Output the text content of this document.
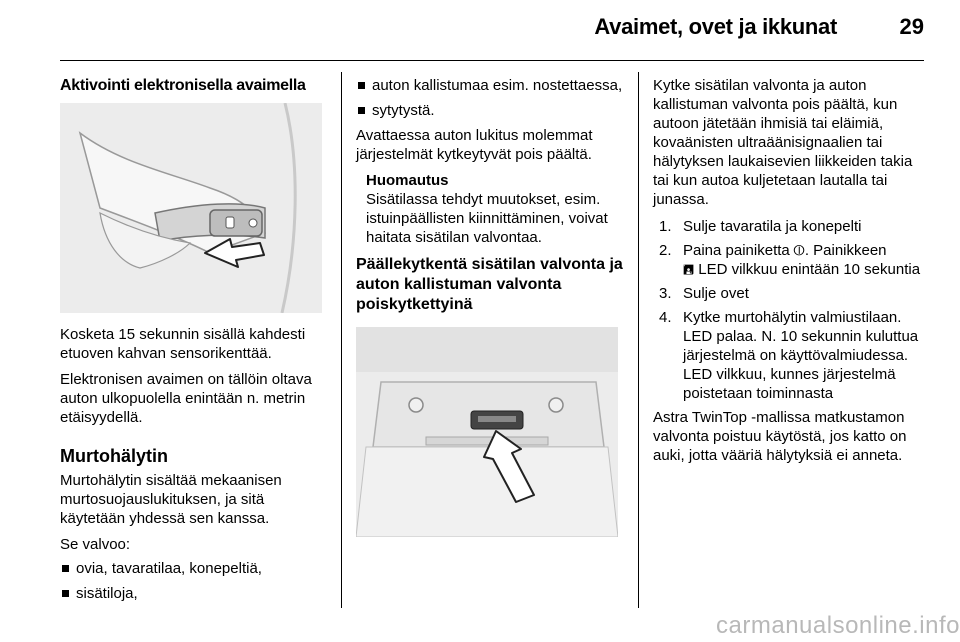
Avaimet, ovet ja ikkunat	29
Aktivointi elektronisella avaimella

Kosketa 15 sekunnin sisällä kahdesti etuoven kahvan sensorikenttää.

Elektronisen avaimen on tällöin oltava auton ulkopuolella enintään n. metrin etäisyydellä.

Murtohälytin

Murtohälytin sisältää mekaanisen murtosuojauslukituksen, ja sitä käytetään yhdessä sen kanssa.

Se valvoo:

ovia, tavaratilaa, konepeltiä,
sisätiloja,
auton kallistumaa esim. nostettaessa,
sytytystä.

Avattaessa auton lukitus molemmat järjestelmät kytkeytyvät pois päältä.

Huomautus
Sisätilassa tehdyt muutokset, esim. istuinpäällisten kiinnittäminen, voivat haitata sisätilan valvontaa.
Päällekytkentä sisätilan valvonta ja auton kallistuman valvonta poiskytkettyinä

Kytke sisätilan valvonta ja auton kallistuman valvonta pois päältä, kun autoon jätetään ihmisiä tai eläimiä, kovaänisten ultraäänisignaalien tai hälytyksen laukaisevien liikkeiden takia tai kun autoa kuljetetaan lautalla tai junassa.

1. Sulje tavaratila ja konepelti
2. Paina painiketta ⦶. Painikkeen
🖪 LED vilkkuu enintään 10 sekuntia
3. Sulje ovet
4. Kytke murtohälytin valmiustilaan. LED palaa. N. 10 sekunnin kuluttua järjestelmä on käyttövalmiudessa. LED vilkkuu, kunnes järjestelmä poistetaan toiminnasta

Astra TwinTop -mallissa matkustamon valvonta poistuu käytöstä, jos katto on auki, jotta vääriä hälytyksiä ei anneta.

carmanualsonline.info
